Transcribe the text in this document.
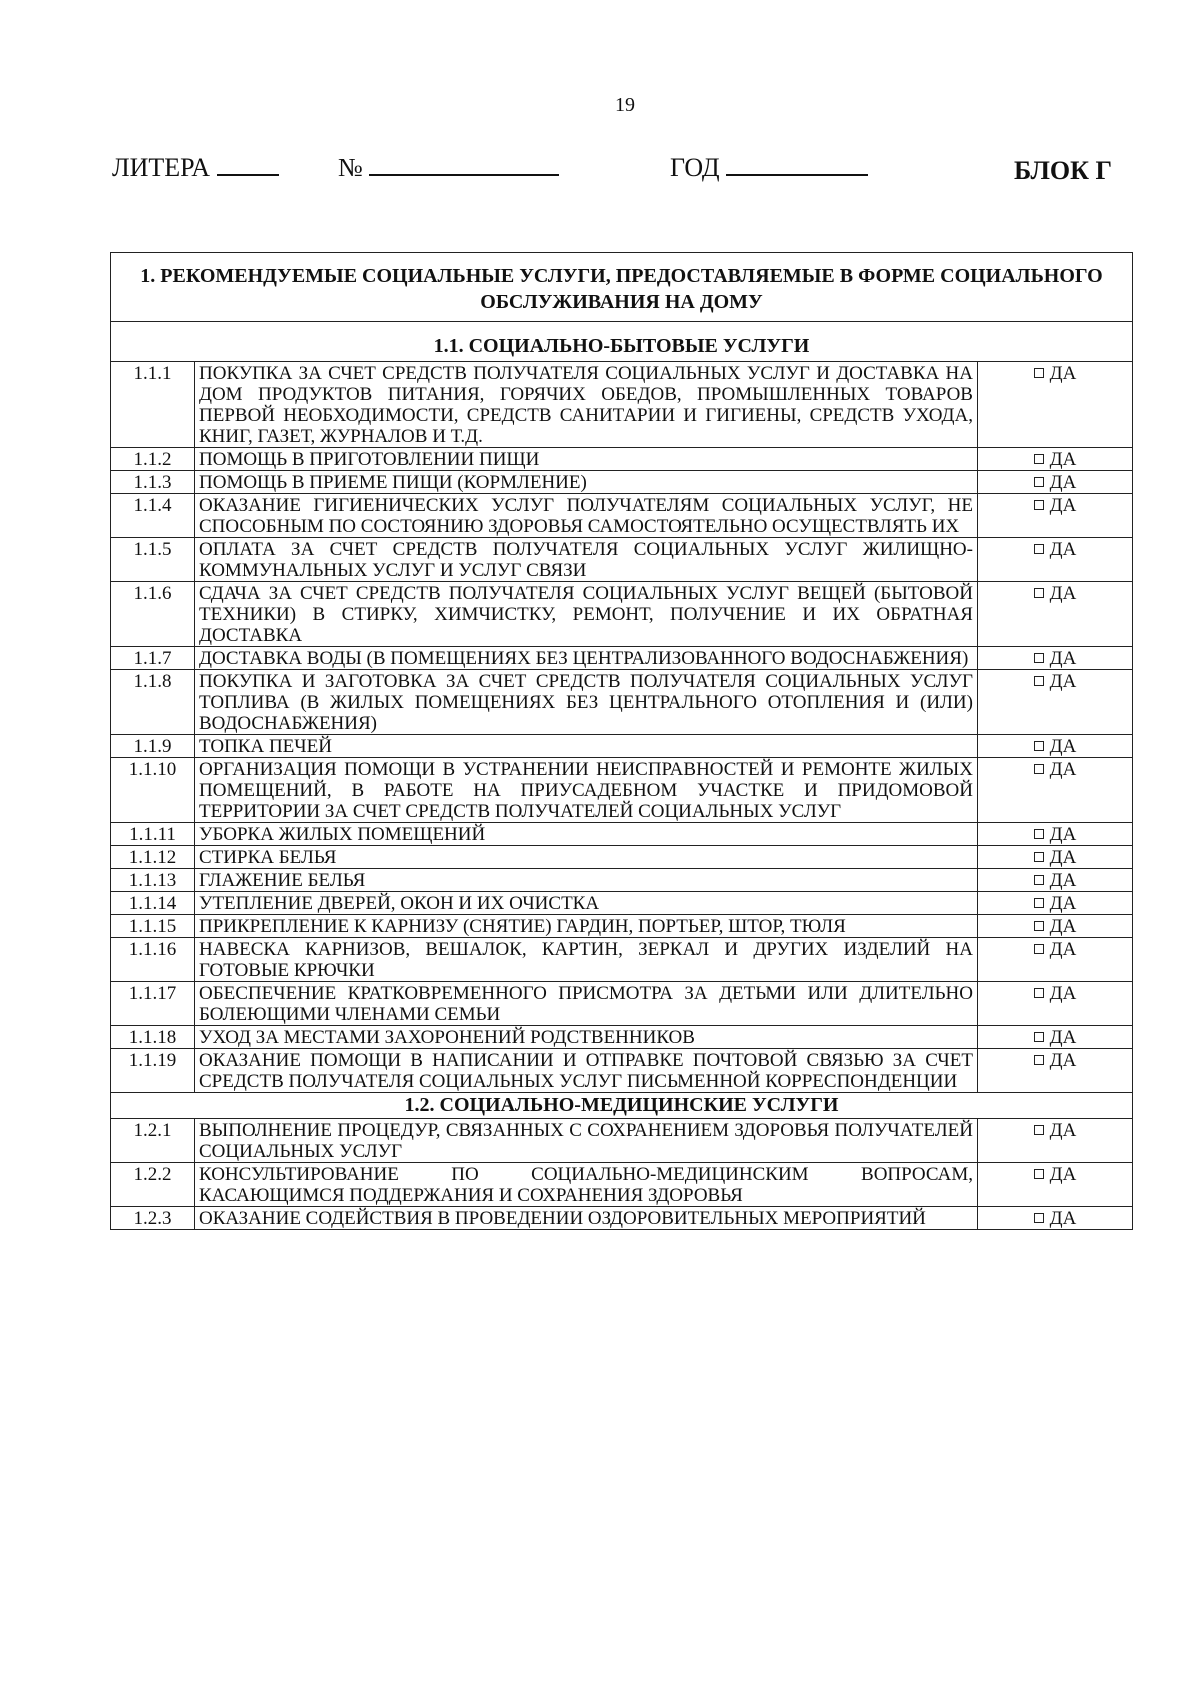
19
ЛИТЕРА	№	ГОД	БЛОК Г
1. РЕКОМЕНДУЕМЫЕ СОЦИАЛЬНЫЕ УСЛУГИ, ПРЕДОСТАВЛЯЕМЫЕ В ФОРМЕ СОЦИАЛЬНОГО ОБСЛУЖИВАНИЯ НА ДОМУ		
1.1. СОЦИАЛЬНО-БЫТОВЫЕ УСЛУГИ		
1.1.1	ПОКУПКА ЗА СЧЕТ СРЕДСТВ ПОЛУЧАТЕЛЯ СОЦИАЛЬНЫХ УСЛУГ И ДОСТАВКА НА ДОМ ПРОДУКТОВ ПИТАНИЯ, ГОРЯЧИХ ОБЕДОВ, ПРОМЫШЛЕННЫХ ТОВАРОВ ПЕРВОЙ НЕОБХОДИМОСТИ, СРЕДСТВ САНИТАРИИ И ГИГИЕНЫ, СРЕДСТВ УХОДА, КНИГ, ГАЗЕТ, ЖУРНАЛОВ И Т.Д.	ДА
1.1.2	ПОМОЩЬ В ПРИГОТОВЛЕНИИ ПИЩИ	ДА
1.1.3	ПОМОЩЬ В ПРИЕМЕ ПИЩИ (КОРМЛЕНИЕ)	ДА
1.1.4	ОКАЗАНИЕ ГИГИЕНИЧЕСКИХ УСЛУГ ПОЛУЧАТЕЛЯМ СОЦИАЛЬНЫХ УСЛУГ, НЕ СПОСОБНЫМ ПО СОСТОЯНИЮ ЗДОРОВЬЯ САМОСТОЯТЕЛЬНО ОСУЩЕСТВЛЯТЬ ИХ	ДА
1.1.5	ОПЛАТА ЗА СЧЕТ СРЕДСТВ ПОЛУЧАТЕЛЯ СОЦИАЛЬНЫХ УСЛУГ ЖИЛИЩНО-КОММУНАЛЬНЫХ УСЛУГ И УСЛУГ СВЯЗИ	ДА
1.1.6	СДАЧА ЗА СЧЕТ СРЕДСТВ ПОЛУЧАТЕЛЯ СОЦИАЛЬНЫХ УСЛУГ ВЕЩЕЙ (БЫТОВОЙ ТЕХНИКИ) В СТИРКУ, ХИМЧИСТКУ, РЕМОНТ, ПОЛУЧЕНИЕ И ИХ ОБРАТНАЯ ДОСТАВКА	ДА
1.1.7	ДОСТАВКА ВОДЫ (В ПОМЕЩЕНИЯХ БЕЗ ЦЕНТРАЛИЗОВАННОГО ВОДОСНАБЖЕНИЯ)	ДА
1.1.8	ПОКУПКА И ЗАГОТОВКА ЗА СЧЕТ СРЕДСТВ ПОЛУЧАТЕЛЯ СОЦИАЛЬНЫХ УСЛУГ ТОПЛИВА (В ЖИЛЫХ ПОМЕЩЕНИЯХ БЕЗ ЦЕНТРАЛЬНОГО ОТОПЛЕНИЯ И (ИЛИ) ВОДОСНАБЖЕНИЯ)	ДА
1.1.9	ТОПКА ПЕЧЕЙ	ДА
1.1.10	ОРГАНИЗАЦИЯ ПОМОЩИ В УСТРАНЕНИИ НЕИСПРАВНОСТЕЙ И РЕМОНТЕ ЖИЛЫХ ПОМЕЩЕНИЙ, В РАБОТЕ НА ПРИУСАДЕБНОМ УЧАСТКЕ И ПРИДОМОВОЙ ТЕРРИТОРИИ ЗА СЧЕТ СРЕДСТВ ПОЛУЧАТЕЛЕЙ СОЦИАЛЬНЫХ УСЛУГ	ДА
1.1.11	УБОРКА ЖИЛЫХ ПОМЕЩЕНИЙ	ДА
1.1.12	СТИРКА БЕЛЬЯ	ДА
1.1.13	ГЛАЖЕНИЕ БЕЛЬЯ	ДА
1.1.14	УТЕПЛЕНИЕ ДВЕРЕЙ, ОКОН И ИХ ОЧИСТКА	ДА
1.1.15	ПРИКРЕПЛЕНИЕ К КАРНИЗУ (СНЯТИЕ) ГАРДИН, ПОРТЬЕР, ШТОР, ТЮЛЯ	ДА
1.1.16	НАВЕСКА КАРНИЗОВ, ВЕШАЛОК, КАРТИН, ЗЕРКАЛ И ДРУГИХ ИЗДЕЛИЙ НА ГОТОВЫЕ КРЮЧКИ	ДА
1.1.17	ОБЕСПЕЧЕНИЕ КРАТКОВРЕМЕННОГО ПРИСМОТРА ЗА ДЕТЬМИ ИЛИ ДЛИТЕЛЬНО БОЛЕЮЩИМИ ЧЛЕНАМИ СЕМЬИ	ДА
1.1.18	УХОД ЗА МЕСТАМИ ЗАХОРОНЕНИЙ РОДСТВЕННИКОВ	ДА
1.1.19	ОКАЗАНИЕ ПОМОЩИ В НАПИСАНИИ И ОТПРАВКЕ ПОЧТОВОЙ СВЯЗЬЮ ЗА СЧЕТ СРЕДСТВ ПОЛУЧАТЕЛЯ СОЦИАЛЬНЫХ УСЛУГ ПИСЬМЕННОЙ КОРРЕСПОНДЕНЦИИ	ДА
1.2. СОЦИАЛЬНО-МЕДИЦИНСКИЕ УСЛУГИ		
1.2.1	ВЫПОЛНЕНИЕ ПРОЦЕДУР, СВЯЗАННЫХ С СОХРАНЕНИЕМ ЗДОРОВЬЯ ПОЛУЧАТЕЛЕЙ СОЦИАЛЬНЫХ УСЛУГ	ДА
1.2.2	КОНСУЛЬТИРОВАНИЕ ПО СОЦИАЛЬНО-МЕДИЦИНСКИМ ВОПРОСАМ, КАСАЮЩИМСЯ ПОДДЕРЖАНИЯ И СОХРАНЕНИЯ ЗДОРОВЬЯ	ДА
1.2.3	ОКАЗАНИЕ СОДЕЙСТВИЯ В ПРОВЕДЕНИИ ОЗДОРОВИТЕЛЬНЫХ МЕРОПРИЯТИЙ	ДА
